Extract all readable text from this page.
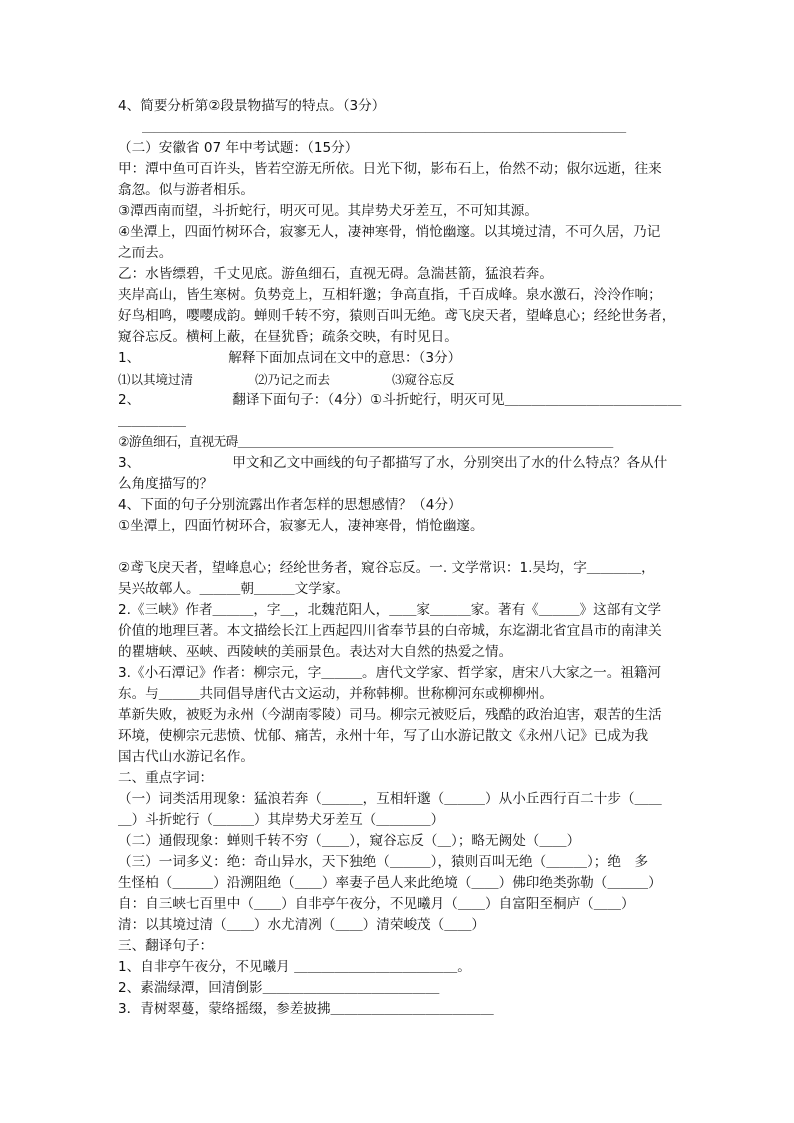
4、简要分析第②段景物描写的特点。（3分）
＿＿＿＿＿＿＿＿＿＿＿＿＿＿＿＿＿＿＿＿＿＿＿＿＿＿＿＿＿＿＿＿＿＿＿＿＿＿＿＿＿
（二）安徽省 07 年中考试题：（15分）
甲：潭中鱼可百许头，皆若空游无所依。日光下彻，影布石上，佁然不动；俶尔远逝，往来
翕忽。似与游者相乐。
③潭西南而望，斗折蛇行，明灭可见。其岸势犬牙差互，不可知其源。
④坐潭上，四面竹树环合，寂寥无人，凄神寒骨，悄怆幽邃。以其境过清，不可久居，乃记
之而去。
乙：水皆缥碧，千丈见底。游鱼细石，直视无碍。急湍甚箭，猛浪若奔。
夹岸高山，皆生寒树。负势竞上，互相轩邈；争高直指，千百成峰。泉水激石，泠泠作响；
好鸟相鸣，嘤嘤成韵。蝉则千转不穷，猿则百叫无绝。鸢飞戾天者，望峰息心；经纶世务者，
窥谷忘反。横柯上蔽，在昼犹昏；疏条交映，有时见日。
1、	解释下面加点词在文中的意思：（3分）
⑴以其境过清	⑵乃记之而去	⑶窥谷忘反
2、	翻译下面句子：（4分）①斗折蛇行，明灭可见＿＿＿＿＿＿＿＿＿＿＿＿＿
＿＿＿＿＿
②游鱼细石，直视无碍＿＿＿＿＿＿＿＿＿＿＿＿＿＿＿＿＿＿＿＿＿＿＿＿＿＿＿＿＿＿＿
3、	甲文和乙文中画线的句子都描写了水，分别突出了水的什么特点？各从什
么角度描写的？
4、下面的句子分别流露出作者怎样的思想感情？（4分）
①坐潭上，四面竹树环合，寂寥无人，凄神寒骨，悄怆幽邃。
②鸢飞戾天者，望峰息心；经纶世务者，窥谷忘反。一. 文学常识：1.吴均，字＿＿＿＿，
吴兴故鄣人。＿＿＿朝＿＿＿文学家。
2.《三峡》作者＿＿＿，字＿，北魏范阳人，＿＿家＿＿＿家。著有《＿＿＿》这部有文学
价值的地理巨著。本文描绘长江上西起四川省奉节县的白帝城，东迄湖北省宜昌市的南津关
的瞿塘峡、巫峡、西陵峡的美丽景色。表达对大自然的热爱之情。
3.《小石潭记》作者：柳宗元，字＿＿＿。唐代文学家、哲学家，唐宋八大家之一。祖籍河
东。与＿＿＿共同倡导唐代古文运动，并称韩柳。世称柳河东或柳柳州。
革新失败，被贬为永州（今湖南零陵）司马。柳宗元被贬后，残酷的政治迫害，艰苦的生活
环境，使柳宗元悲愤、忧郁、痛苦，永州十年，写了山水游记散文《永州八记》已成为我
国古代山水游记名作。
二、重点字词：
（一）词类活用现象：猛浪若奔（＿＿＿，互相轩邈（＿＿＿）从小丘西行百二十步（＿＿
＿）斗折蛇行（＿＿＿）其岸势犬牙差互（＿＿＿＿）
（二）通假现象：蝉则千转不穷（＿＿），窥谷忘反（＿）；略无阙处（＿＿）
（三）一词多义：绝：奇山异水，天下独绝（＿＿＿），猿则百叫无绝（＿＿＿）；绝　多
生怪柏（＿＿＿）沿溯阻绝（＿＿）率妻子邑人来此绝境（＿＿）佛印绝类弥勒（＿＿＿）
自：自三峡七百里中（＿＿）自非亭午夜分，不见曦月（＿＿）自富阳至桐庐（＿＿）
清：以其境过清（＿＿）水尤清冽（＿＿）清荣峻茂（＿＿）
三、翻译句子：
1、自非亭午夜分，不见曦月 ＿＿＿＿＿＿＿＿＿＿＿＿。
2、素湍绿潭，回清倒影＿＿＿＿＿＿＿＿＿＿＿＿＿
3．青树翠蔓，蒙络摇缀，参差披拂＿＿＿＿＿＿＿＿＿＿＿＿
